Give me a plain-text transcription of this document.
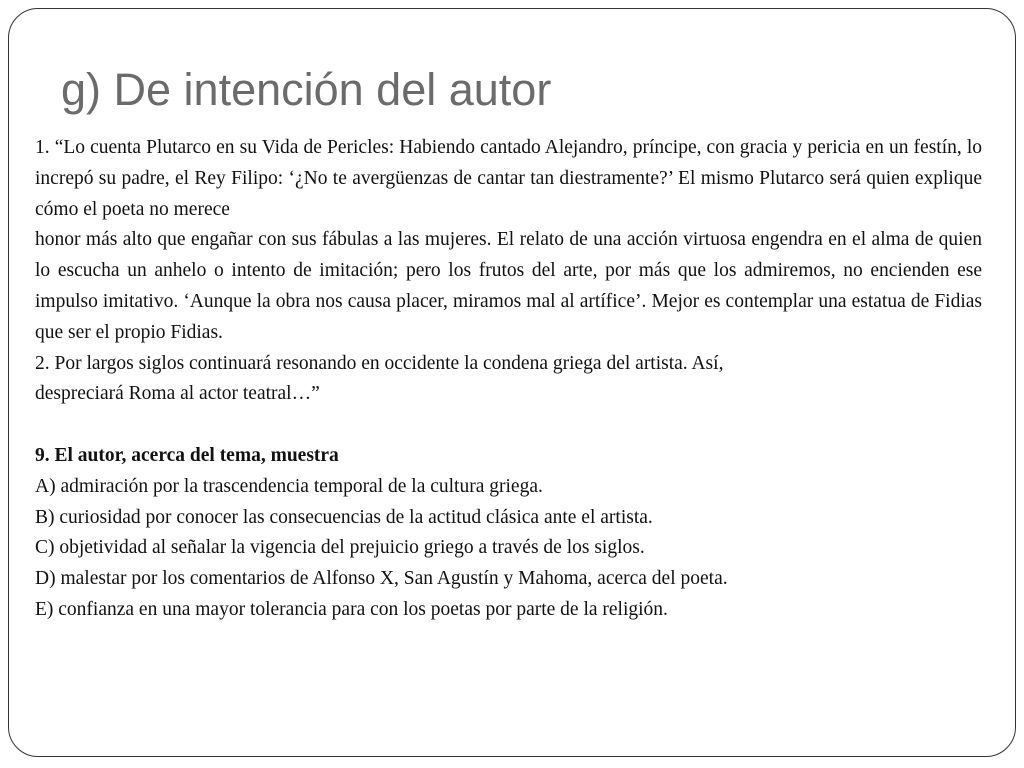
g) De intención del autor

1. “Lo cuenta Plutarco en su Vida de Pericles: Habiendo cantado Alejandro, príncipe, con gracia y pericia en un festín, lo increpó su padre, el Rey Filipo: ‘¿No te avergüenzas de cantar tan diestramente?’ El mismo Plutarco será quien explique cómo el poeta no merece

honor más alto que engañar con sus fábulas a las mujeres. El relato de una acción virtuosa engendra en el alma de quien lo escucha un anhelo o intento de imitación; pero los frutos del arte, por más que los admiremos, no encienden ese impulso imitativo. ‘Aunque la obra nos causa placer, miramos mal al artífice’. Mejor es contemplar una estatua de Fidias que ser el propio Fidias.

2. Por largos siglos continuará resonando en occidente la condena griega del artista. Así,

despreciará Roma al actor teatral…”

9. El autor, acerca del tema, muestra

A) admiración por la trascendencia temporal de la cultura griega.

B) curiosidad por conocer las consecuencias de la actitud clásica ante el artista.

C) objetividad al señalar la vigencia del prejuicio griego a través de los siglos.

D) malestar por los comentarios de Alfonso X, San Agustín y Mahoma, acerca del poeta.

E) confianza en una mayor tolerancia para con los poetas por parte de la religión.
